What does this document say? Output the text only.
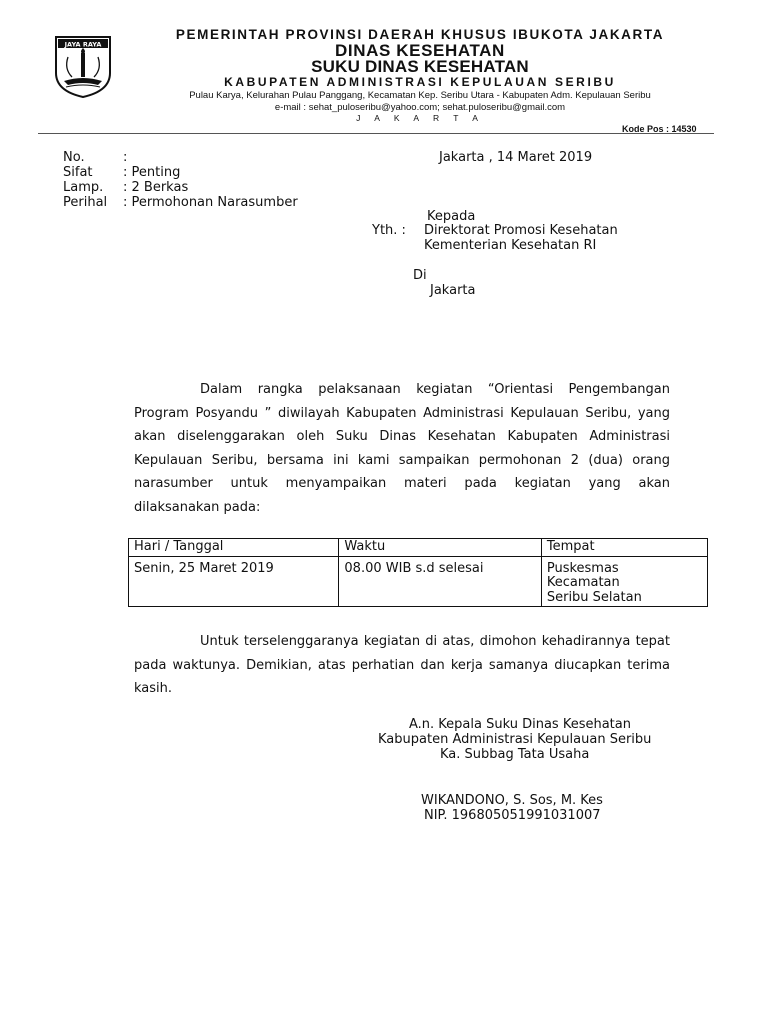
JAYA RAYA
PEMERINTAH PROVINSI DAERAH KHUSUS IBUKOTA JAKARTA
DINAS KESEHATAN
SUKU DINAS KESEHATAN
KABUPATEN ADMINISTRASI KEPULAUAN SERIBU
Pulau Karya, Kelurahan Pulau Panggang, Kecamatan Kep. Seribu Utara - Kabupaten Adm. Kepulauan Seribu
e-mail : sehat_puloseribu@yahoo.com; sehat.puloseribu@gmail.com
J A K A R T A
Kode Pos : 14530
No.	:
Sifat : Penting
Lamp. : 2 Berkas
Perihal : Permohonan Narasumber
Jakarta , 14 Maret 2019
Kepada
Yth. : Direktorat Promosi Kesehatan
Kementerian Kesehatan RI
Di
Jakarta
Dalam rangka pelaksanaan kegiatan “Orientasi Pengembangan
Program Posyandu ” diwilayah Kabupaten Administrasi Kepulauan Seribu, yang
akan diselenggarakan oleh Suku Dinas Kesehatan Kabupaten Administrasi
Kepulauan Seribu, bersama ini kami sampaikan permohonan 2 (dua) orang
narasumber untuk menyampaikan materi pada kegiatan yang akan
dilaksanakan pada:
Hari / Tanggal	Waktu	Tempat
Senin, 25 Maret 2019	08.00 WIB s.d selesai	Puskesmas
Kecamatan
Seribu Selatan
Untuk terselenggaranya kegiatan di atas, dimohon kehadirannya tepat
pada waktunya. Demikian, atas perhatian dan kerja samanya diucapkan terima
kasih.
A.n. Kepala Suku Dinas Kesehatan
Kabupaten Administrasi Kepulauan Seribu
Ka. Subbag Tata Usaha
WIKANDONO, S. Sos, M. Kes
NIP. 196805051991031007
